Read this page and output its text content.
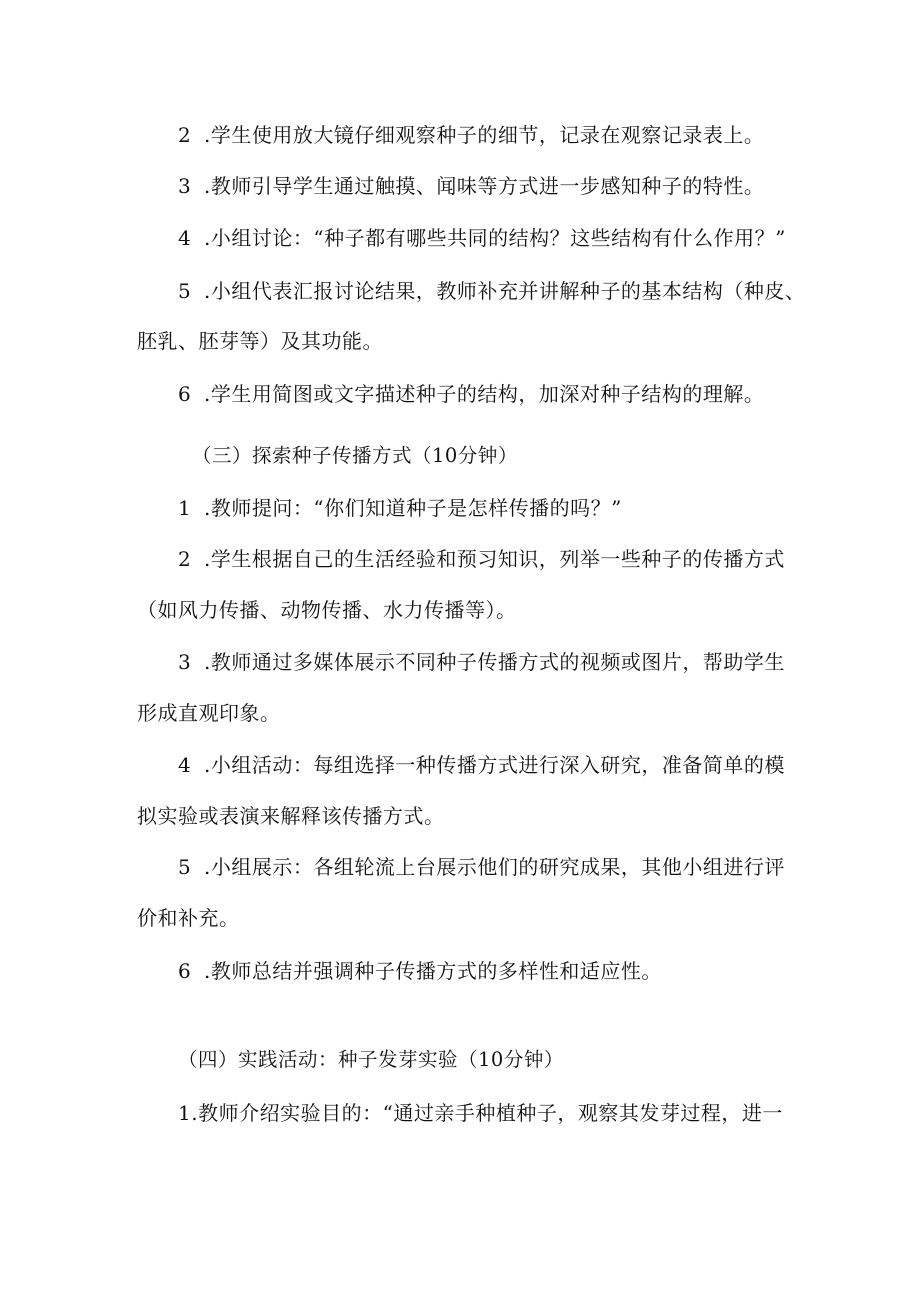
2 .学生使用放大镜仔细观察种子的细节，记录在观察记录表上。
3 .教师引导学生通过触摸、闻味等方式进一步感知种子的特性。
4 .小组讨论：“种子都有哪些共同的结构？这些结构有什么作用？”
5 .小组代表汇报讨论结果，教师补充并讲解种子的基本结构（种皮、
胚乳、胚芽等）及其功能。
6 .学生用简图或文字描述种子的结构，加深对种子结构的理解。
（三）探索种子传播方式（10分钟）
1 .教师提问：“你们知道种子是怎样传播的吗？”
2 .学生根据自己的生活经验和预习知识，列举一些种子的传播方式
（如风力传播、动物传播、水力传播等）。
3 .教师通过多媒体展示不同种子传播方式的视频或图片，帮助学生
形成直观印象。
4 .小组活动：每组选择一种传播方式进行深入研究，准备简单的模
拟实验或表演来解释该传播方式。
5 .小组展示：各组轮流上台展示他们的研究成果，其他小组进行评
价和补充。
6 .教师总结并强调种子传播方式的多样性和适应性。
（四）实践活动：种子发芽实验（10分钟）
1.教师介绍实验目的：“通过亲手种植种子，观察其发芽过程，进一
